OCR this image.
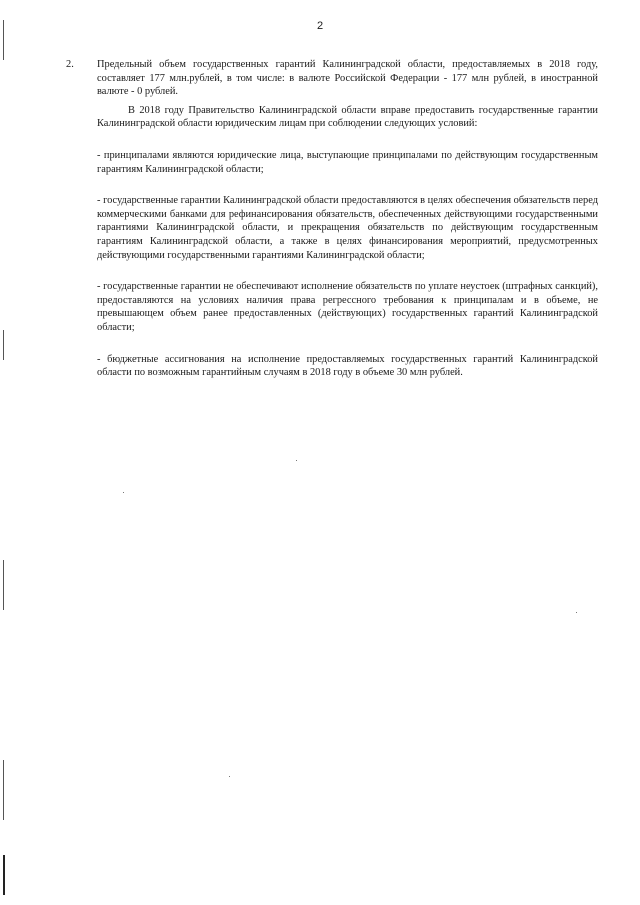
2
2. Предельный объем государственных гарантий Калининградской области, предоставляемых в 2018 году, составляет 177 млн.рублей, в том числе: в валюте Российской Федерации - 177 млн рублей, в иностранной валюте - 0 рублей.
В 2018 году Правительство Калининградской области вправе предоставить государственные гарантии Калининградской области юридическим лицам при соблюдении следующих условий:
- принципалами являются юридические лица, выступающие принципалами по действующим государственным гарантиям Калининградской области;
- государственные гарантии Калининградской области предоставляются в целях обеспечения обязательств перед коммерческими банками для рефинансирования обязательств, обеспеченных действующими государственными гарантиями Калининградской области, и прекращения обязательств по действующим государственным гарантиям Калининградской области, а также в целях финансирования мероприятий, предусмотренных действующими государственными гарантиями Калининградской области;
- государственные гарантии не обеспечивают исполнение обязательств по уплате неустоек (штрафных санкций), предоставляются на условиях наличия права регрессного требования к принципалам и в объеме, не превышающем объем ранее предоставленных (действующих) государственных гарантий Калининградской области;
- бюджетные ассигнования на исполнение предоставляемых государственных гарантий Калининградской области по возможным гарантийным случаям в 2018 году в объеме 30 млн рублей.
